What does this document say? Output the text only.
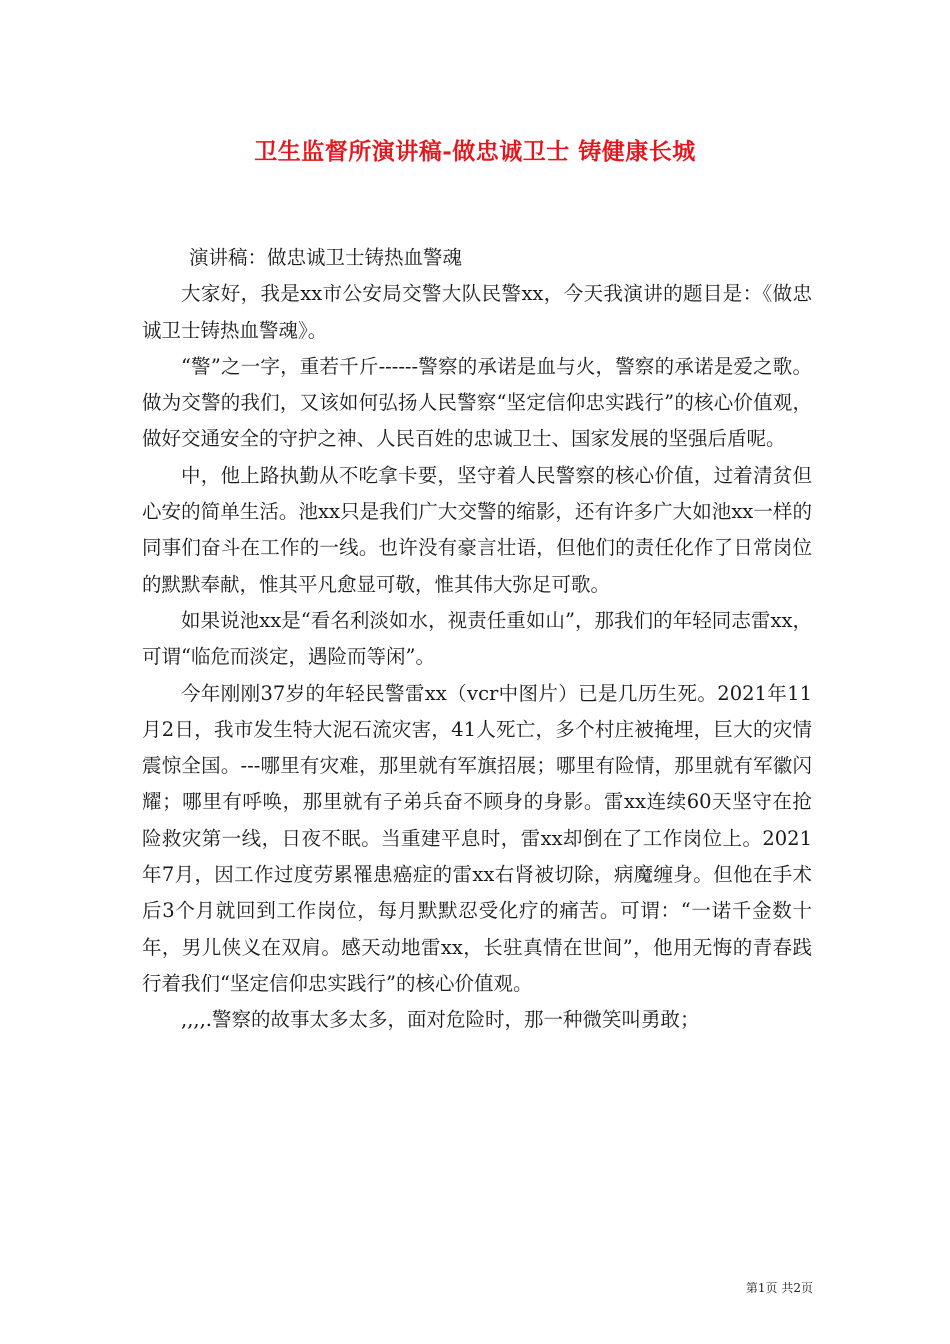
卫生监督所演讲稿-做忠诚卫士 铸健康长城

演讲稿：做忠诚卫士铸热血警魂

大家好，我是xx市公安局交警大队民警xx，今天我演讲的题目是：《做忠诚卫士铸热血警魂》。

“警”之一字，重若千斤------警察的承诺是血与火，警察的承诺是爱之歌。做为交警的我们，又该如何弘扬人民警察“坚定信仰忠实践行”的核心价值观，做好交通安全的守护之神、人民百姓的忠诚卫士、国家发展的坚强后盾呢。

中，他上路执勤从不吃拿卡要，坚守着人民警察的核心价值，过着清贫但心安的简单生活。池xx只是我们广大交警的缩影，还有许多广大如池xx一样的同事们奋斗在工作的一线。也许没有豪言壮语，但他们的责任化作了日常岗位的默默奉献，惟其平凡愈显可敬，惟其伟大弥足可歌。

如果说池xx是“看名利淡如水，视责任重如山”，那我们的年轻同志雷xx，可谓“临危而淡定，遇险而等闲”。

今年刚刚37岁的年轻民警雷xx（vcr中图片）已是几历生死。2021年11月2日，我市发生特大泥石流灾害，41人死亡，多个村庄被掩埋，巨大的灾情震惊全国。---哪里有灾难，那里就有军旗招展；哪里有险情，那里就有军徽闪耀；哪里有呼唤，那里就有子弟兵奋不顾身的身影。雷xx连续60天坚守在抢险救灾第一线，日夜不眠。当重建平息时，雷xx却倒在了工作岗位上。2021年7月，因工作过度劳累罹患癌症的雷xx右肾被切除，病魔缠身。但他在手术后3个月就回到工作岗位，每月默默忍受化疗的痛苦。可谓：“一诺千金数十年，男儿侠义在双肩。感天动地雷xx，长驻真情在世间”，他用无悔的青春践行着我们“坚定信仰忠实践行”的核心价值观。

,,,,.警察的故事太多太多，面对危险时，那一种微笑叫勇敢；

第1页 共2页
